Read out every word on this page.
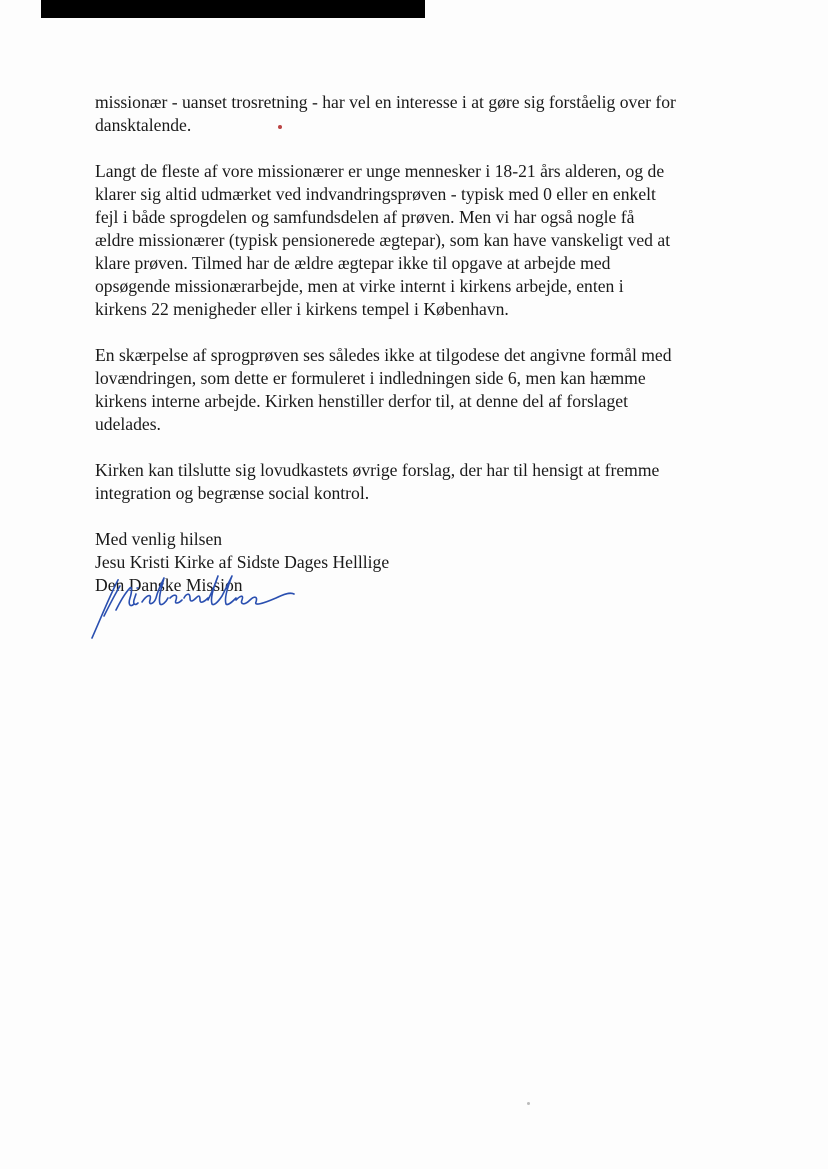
missionær - uanset trosretning - har vel en interesse i at gøre sig forståelig over for
dansktalende.
Langt de fleste af vore missionærer er unge mennesker i 18-21 års alderen, og de
klarer sig altid udmærket ved indvandringsprøven - typisk med 0 eller en enkelt
fejl i både sprogdelen og samfundsdelen af prøven. Men vi har også nogle få
ældre missionærer (typisk pensionerede ægtepar), som kan have vanskeligt ved at
klare prøven. Tilmed har de ældre ægtepar ikke til opgave at arbejde med
opsøgende missionærarbejde, men at virke internt i kirkens arbejde, enten i
kirkens 22 menigheder eller i kirkens tempel i København.
En skærpelse af sprogprøven ses således ikke at tilgodese det angivne formål med
lovændringen, som dette er formuleret i indledningen side 6, men kan hæmme
kirkens interne arbejde. Kirken henstiller derfor til, at denne del af forslaget
udelades.
Kirken kan tilslutte sig lovudkastets øvrige forslag, der har til hensigt at fremme
integration og begrænse social kontrol.
Med venlig hilsen
Jesu Kristi Kirke af Sidste Dages Helllige
Den Danske Mission
